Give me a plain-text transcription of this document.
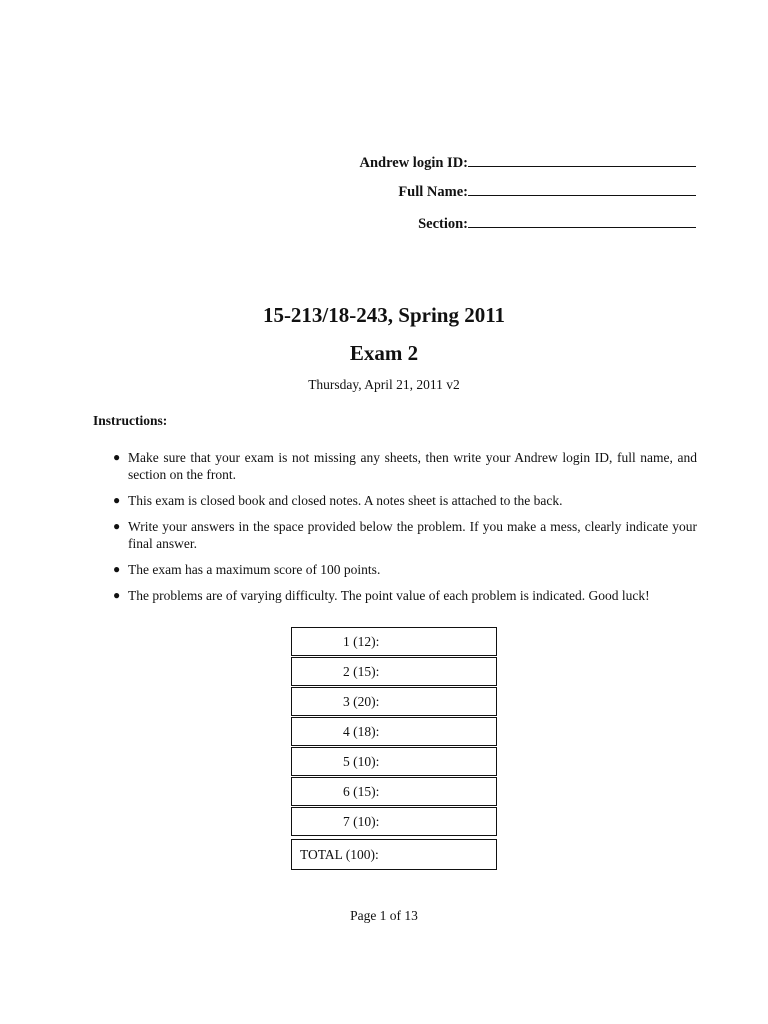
Andrew login ID:
Full Name:
Section:
15-213/18-243, Spring 2011
Exam 2
Thursday, April 21, 2011 v2
Instructions:
● Make sure that your exam is not missing any sheets, then write your Andrew login ID, full name, and section on the front.
● This exam is closed book and closed notes. A notes sheet is attached to the back.
● Write your answers in the space provided below the problem. If you make a mess, clearly indicate your final answer.
● The exam has a maximum score of 100 points.
● The problems are of varying difficulty. The point value of each problem is indicated. Good luck!
1 (12):
2 (15):
3 (20):
4 (18):
5 (10):
6 (15):
7 (10):
TOTAL (100):
Page 1 of 13
